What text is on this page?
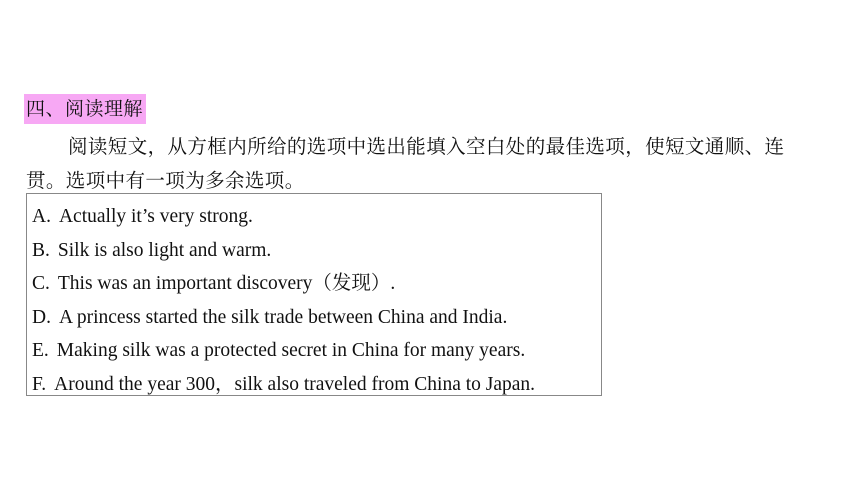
四、阅读理解
阅读短文，从方框内所给的选项中选出能填入空白处的最佳选项，使短文通顺、连贯。选项中有一项为多余选项。
A. Actually it’s very strong.
B. Silk is also light and warm.
C. This was an important discovery（发现）.
D. A princess started the silk trade between China and India.
E. Making silk was a protected secret in China for many years.
F. Around the year 300，silk also traveled from China to Japan.
